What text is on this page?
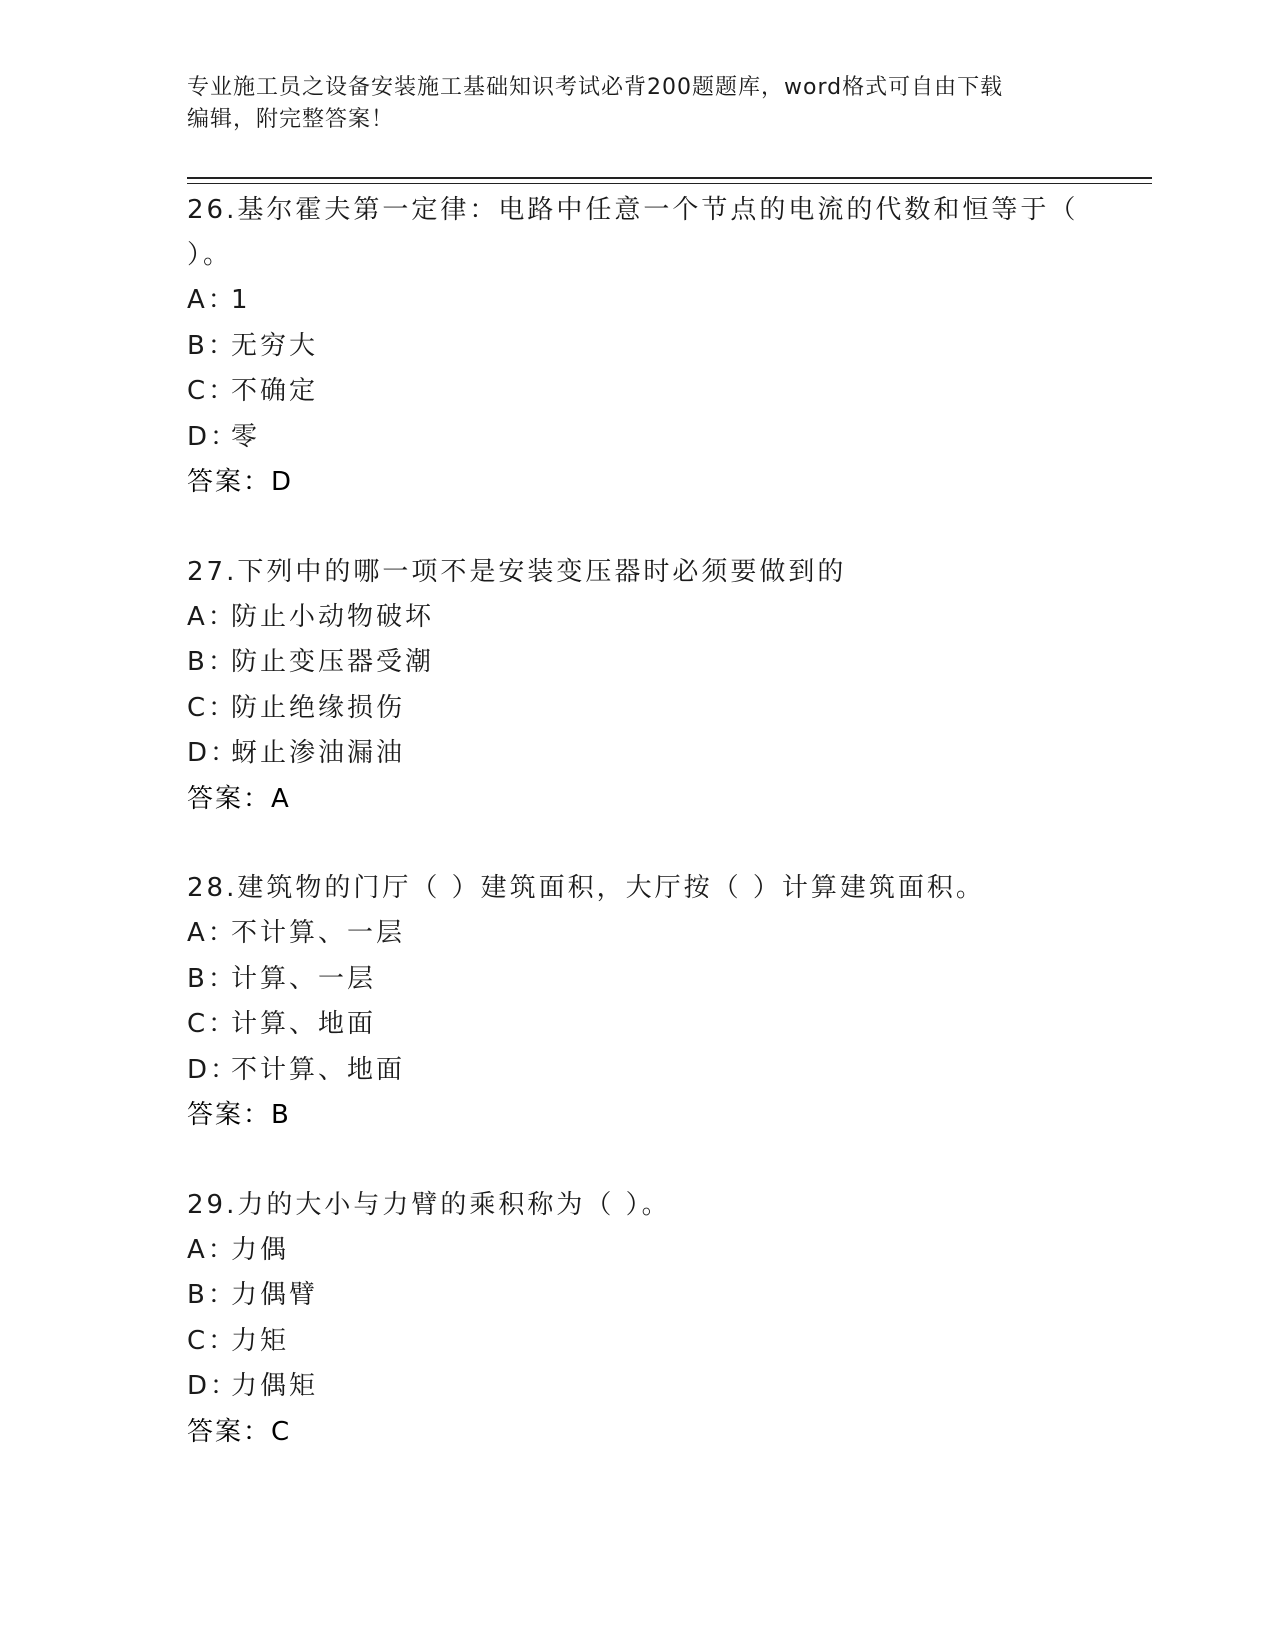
专业施工员之设备安装施工基础知识考试必背200题题库，word格式可自由下载
编辑，附完整答案！
26.基尔霍夫第一定律：电路中任意一个节点的电流的代数和恒等于（
）。
A：1
B：无穷大
C：不确定
D：零
答案：D
27.下列中的哪一项不是安装变压器时必须要做到的
A：防止小动物破坏
B：防止变压器受潮
C：防止绝缘损伤
D：蚜止渗油漏油
答案：A
28.建筑物的门厅（ ）建筑面积，大厅按（ ）计算建筑面积。
A：不计算、一层
B：计算、一层
C：计算、地面
D：不计算、地面
答案：B
29.力的大小与力臂的乘积称为（ ）。
A：力偶
B：力偶臂
C：力矩
D：力偶矩
答案：C
